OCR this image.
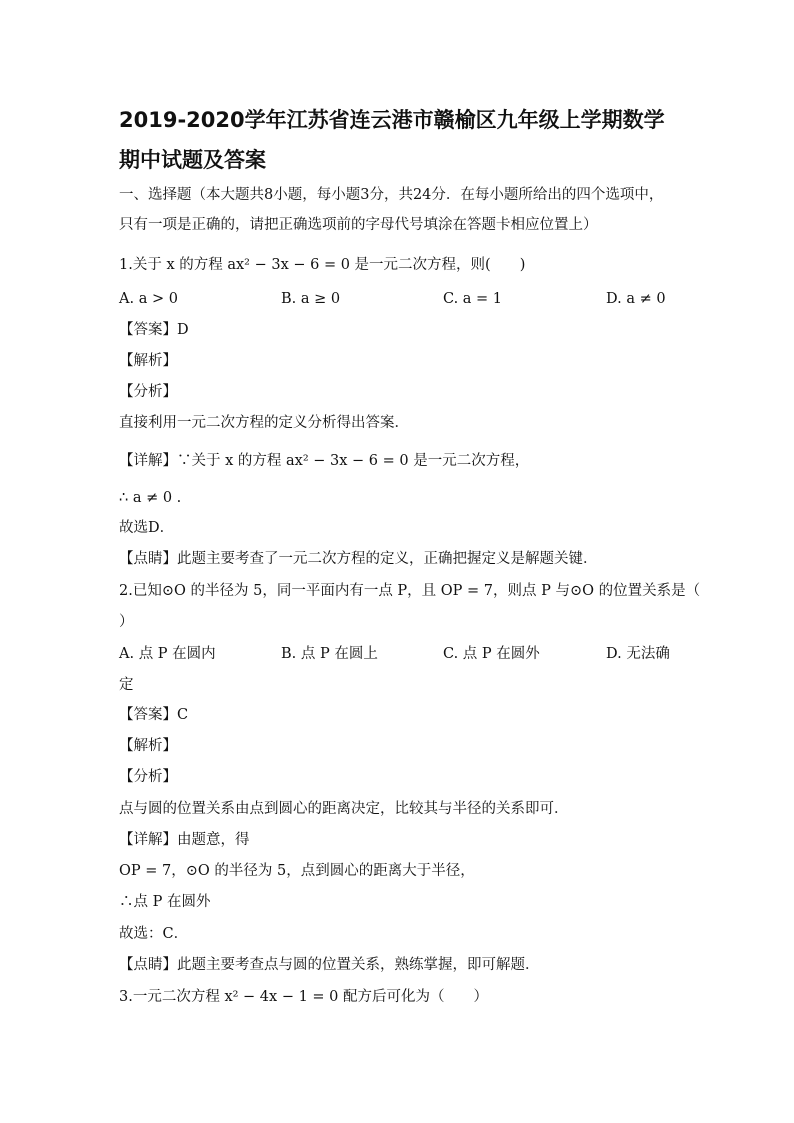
2019-2020学年江苏省连云港市赣榆区九年级上学期数学期中试题及答案

一、选择题（本大题共8小题，每小题3分，共24分．在每小题所给出的四个选项中，只有一项是正确的，请把正确选项前的字母代号填涂在答题卡相应位置上）

1.关于 x 的方程 ax² − 3x − 6 = 0 是一元二次方程，则(　　)

A. a > 0	B. a ≥ 0	C. a = 1	D. a ≠ 0

【答案】D

【解析】

【分析】

直接利用一元二次方程的定义分析得出答案．

【详解】∵关于 x 的方程 ax² − 3x − 6 = 0 是一元二次方程，

∴ a ≠ 0 .

故选D．

【点睛】此题主要考查了一元二次方程的定义，正确把握定义是解题关键．

2.已知⊙O 的半径为 5，同一平面内有一点 P，且 OP = 7，则点 P 与⊙O 的位置关系是（

）

A. 点 P 在圆内	B. 点 P 在圆上	C. 点 P 在圆外	D. 无法确

定

【答案】C

【解析】

【分析】

点与圆的位置关系由点到圆心的距离决定，比较其与半径的关系即可．

【详解】由题意，得

OP = 7，⊙O 的半径为 5，点到圆心的距离大于半径，

∴点 P 在圆外

故选：C．

【点睛】此题主要考查点与圆的位置关系，熟练掌握，即可解题．

3.一元二次方程 x² − 4x − 1 = 0 配方后可化为（　　）
